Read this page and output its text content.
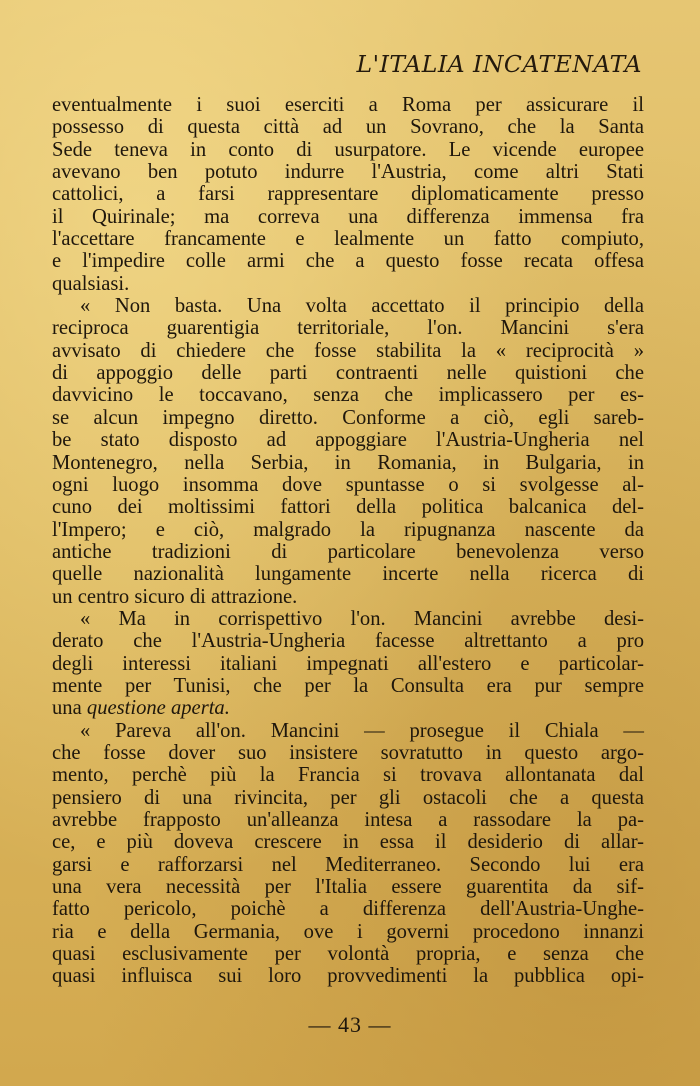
L'ITALIA INCATENATA
eventualmente i suoi eserciti a Roma per assicurare il
possesso di questa città ad un Sovrano, che la Santa
Sede teneva in conto di usurpatore. Le vicende europee
avevano ben potuto indurre l'Austria, come altri Stati
cattolici, a farsi rappresentare diplomaticamente presso
il Quirinale; ma correva una differenza immensa fra
l'accettare francamente e lealmente un fatto compiuto,
e l'impedire colle armi che a questo fosse recata offesa
qualsiasi.
« Non basta. Una volta accettato il principio della
reciproca guarentigia territoriale, l'on. Mancini s'era
avvisato di chiedere che fosse stabilita la « reciprocità »
di appoggio delle parti contraenti nelle quistioni che
davvicino le toccavano, senza che implicassero per es-
se alcun impegno diretto. Conforme a ciò, egli sareb-
be stato disposto ad appoggiare l'Austria-Ungheria nel
Montenegro, nella Serbia, in Romania, in Bulgaria, in
ogni luogo insomma dove spuntasse o si svolgesse al-
cuno dei moltissimi fattori della politica balcanica del-
l'Impero; e ciò, malgrado la ripugnanza nascente da
antiche tradizioni di particolare benevolenza verso
quelle nazionalità lungamente incerte nella ricerca di
un centro sicuro di attrazione.
« Ma in corrispettivo l'on. Mancini avrebbe desi-
derato che l'Austria-Ungheria facesse altrettanto a pro
degli interessi italiani impegnati all'estero e particolar-
mente per Tunisi, che per la Consulta era pur sempre
una questione aperta.
« Pareva all'on. Mancini — prosegue il Chiala —
che fosse dover suo insistere sovratutto in questo argo-
mento, perchè più la Francia si trovava allontanata dal
pensiero di una rivincita, per gli ostacoli che a questa
avrebbe frapposto un'alleanza intesa a rassodare la pa-
ce, e più doveva crescere in essa il desiderio di allar-
garsi e rafforzarsi nel Mediterraneo. Secondo lui era
una vera necessità per l'Italia essere guarentita da sif-
fatto pericolo, poichè a differenza dell'Austria-Unghe-
ria e della Germania, ove i governi procedono innanzi
quasi esclusivamente per volontà propria, e senza che
quasi influisca sui loro provvedimenti la pubblica opi-
— 43 —
